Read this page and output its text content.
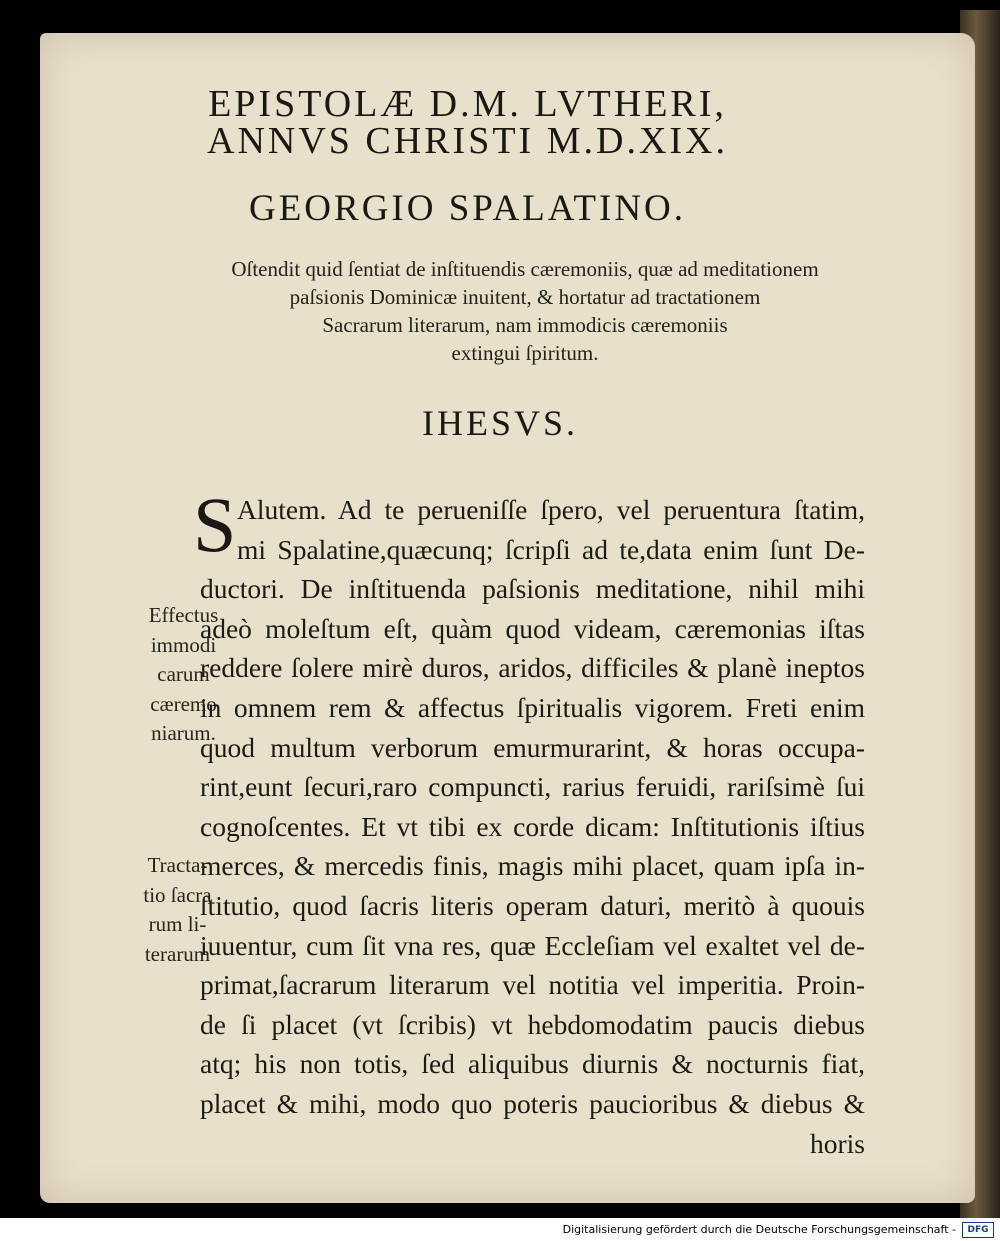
EPISTOLÆ D.M. LVTHERI,
ANNVS CHRISTI M.D.XIX.
GEORGIO SPALATINO.
Oſtendit quid ſentiat de inſtituendis cæremoniis, quæ ad meditationem
paſsionis Dominicæ inuitent, & hortatur ad tractationem
Sacrarum literarum, nam immodicis cæremoniis
extingui ſpiritum.
IHESVS.
S Alutem. Ad te perueniſſe ſpero, vel peruentura ſtatim,
mi Spalatine,quæcunq; ſcripſi ad te,data enim ſunt De-
ductori. De inſtituenda paſsionis meditatione, nihil mihi
adeò moleſtum eſt, quàm quod videam, cæremonias iſtas
reddere ſolere mirè duros, aridos, difficiles & planè ineptos
in omnem rem & affectus ſpiritualis vigorem. Freti enim
quod multum verborum emurmurarint, & horas occupa-
rint,eunt ſecuri,raro compuncti, rarius feruidi, rariſsimè ſui
cognoſcentes. Et vt tibi ex corde dicam: Inſtitutionis iſtius
merces, & mercedis finis, magis mihi placet, quam ipſa in-
ſtitutio, quod ſacris literis operam daturi, meritò à quouis
iuuentur, cum ſit vna res, quæ Eccleſiam vel exaltet vel de-
primat,ſacrarum literarum vel notitia vel imperitia. Proin-
de ſi placet (vt ſcribis) vt hebdomodatim paucis diebus
atq; his non totis, ſed aliquibus diurnis & nocturnis fiat,
placet & mihi, modo quo poteris paucioribus & diebus &
horis
Effectus
immodi
carum
cæremo
niarum.
Tracta-
tio ſacra
rum li-
terarum
Digitalisierung gefördert durch die Deutsche Forschungsgemeinschaft -	DFG
